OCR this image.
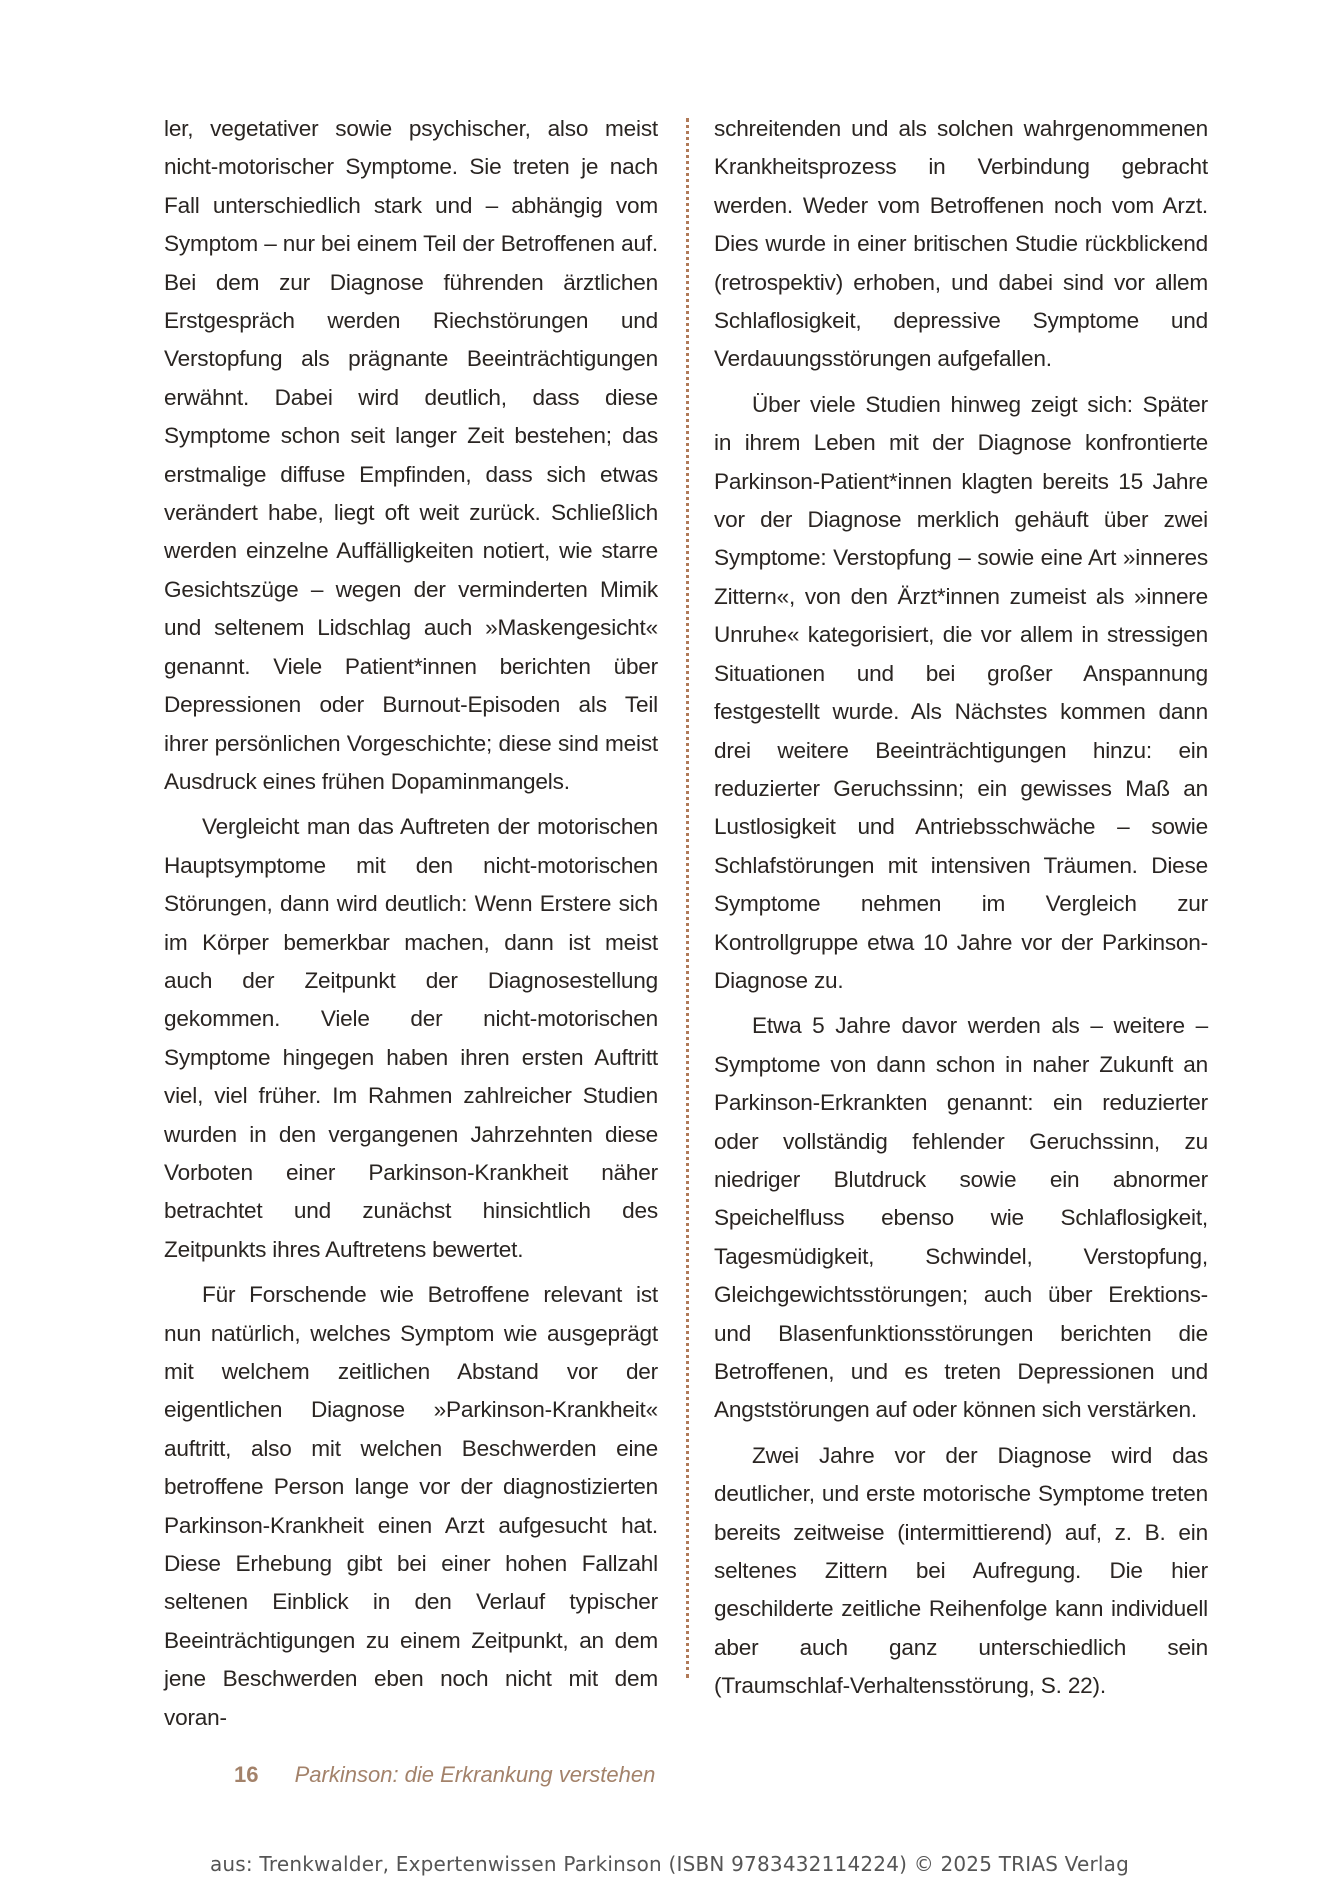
ler, vegetativer sowie psychischer, also meist nicht-motorischer Symptome. Sie treten je nach Fall unterschiedlich stark und – abhängig vom Symptom – nur bei einem Teil der Betroffenen auf. Bei dem zur Diagnose führenden ärztlichen Erstgespräch werden Riechstörungen und Verstopfung als prägnante Beeinträchtigungen erwähnt. Dabei wird deutlich, dass diese Symptome schon seit langer Zeit bestehen; das erstmalige diffuse Empfinden, dass sich etwas verändert habe, liegt oft weit zurück. Schließlich werden einzelne Auffälligkeiten notiert, wie starre Gesichtszüge – wegen der verminderten Mimik und seltenem Lidschlag auch »Maskengesicht« genannt. Viele Patient*innen berichten über Depressionen oder Burnout-Episoden als Teil ihrer persönlichen Vorgeschichte; diese sind meist Ausdruck eines frühen Dopaminmangels.

Vergleicht man das Auftreten der motorischen Hauptsymptome mit den nicht-motorischen Störungen, dann wird deutlich: Wenn Erstere sich im Körper bemerkbar machen, dann ist meist auch der Zeitpunkt der Diagnosestellung gekommen. Viele der nicht-motorischen Symptome hingegen haben ihren ersten Auftritt viel, viel früher. Im Rahmen zahlreicher Studien wurden in den vergangenen Jahrzehnten diese Vorboten einer Parkinson-Krankheit näher betrachtet und zunächst hinsichtlich des Zeitpunkts ihres Auftretens bewertet.

Für Forschende wie Betroffene relevant ist nun natürlich, welches Symptom wie ausgeprägt mit welchem zeitlichen Abstand vor der eigentlichen Diagnose »Parkinson-Krankheit« auftritt, also mit welchen Beschwerden eine betroffene Person lange vor der diagnostizierten Parkinson-Krankheit einen Arzt aufgesucht hat. Diese Erhebung gibt bei einer hohen Fallzahl seltenen Einblick in den Verlauf typischer Beeinträchtigungen zu einem Zeitpunkt, an dem jene Beschwerden eben noch nicht mit dem voran-

schreitenden und als solchen wahrgenommenen Krankheitsprozess in Verbindung gebracht werden. Weder vom Betroffenen noch vom Arzt. Dies wurde in einer britischen Studie rückblickend (retrospektiv) erhoben, und dabei sind vor allem Schlaflosigkeit, depressive Symptome und Verdauungsstörungen aufgefallen.

Über viele Studien hinweg zeigt sich: Später in ihrem Leben mit der Diagnose konfrontierte Parkinson-Patient*innen klagten bereits 15 Jahre vor der Diagnose merklich gehäuft über zwei Symptome: Verstopfung – sowie eine Art »inneres Zittern«, von den Ärzt*innen zumeist als »innere Unruhe« kategorisiert, die vor allem in stressigen Situationen und bei großer Anspannung festgestellt wurde. Als Nächstes kommen dann drei weitere Beeinträchtigungen hinzu: ein reduzierter Geruchssinn; ein gewisses Maß an Lustlosigkeit und Antriebsschwäche – sowie Schlafstörungen mit intensiven Träumen. Diese Symptome nehmen im Vergleich zur Kontrollgruppe etwa 10 Jahre vor der Parkinson-Diagnose zu.

Etwa 5 Jahre davor werden als – weitere – Symptome von dann schon in naher Zukunft an Parkinson-Erkrankten genannt: ein reduzierter oder vollständig fehlender Geruchssinn, zu niedriger Blutdruck sowie ein abnormer Speichelfluss ebenso wie Schlaflosigkeit, Tagesmüdigkeit, Schwindel, Verstopfung, Gleichgewichtsstörungen; auch über Erektions- und Blasenfunktionsstörungen berichten die Betroffenen, und es treten Depressionen und Angststörungen auf oder können sich verstärken.

Zwei Jahre vor der Diagnose wird das deutlicher, und erste motorische Symptome treten bereits zeitweise (intermittierend) auf, z. B. ein seltenes Zittern bei Aufregung. Die hier geschilderte zeitliche Reihenfolge kann individuell aber auch ganz unterschiedlich sein (Traumschlaf-Verhaltensstörung, S. 22).

16 Parkinson: die Erkrankung verstehen
aus: Trenkwalder, Expertenwissen Parkinson (ISBN 9783432114224) © 2025 TRIAS Verlag
